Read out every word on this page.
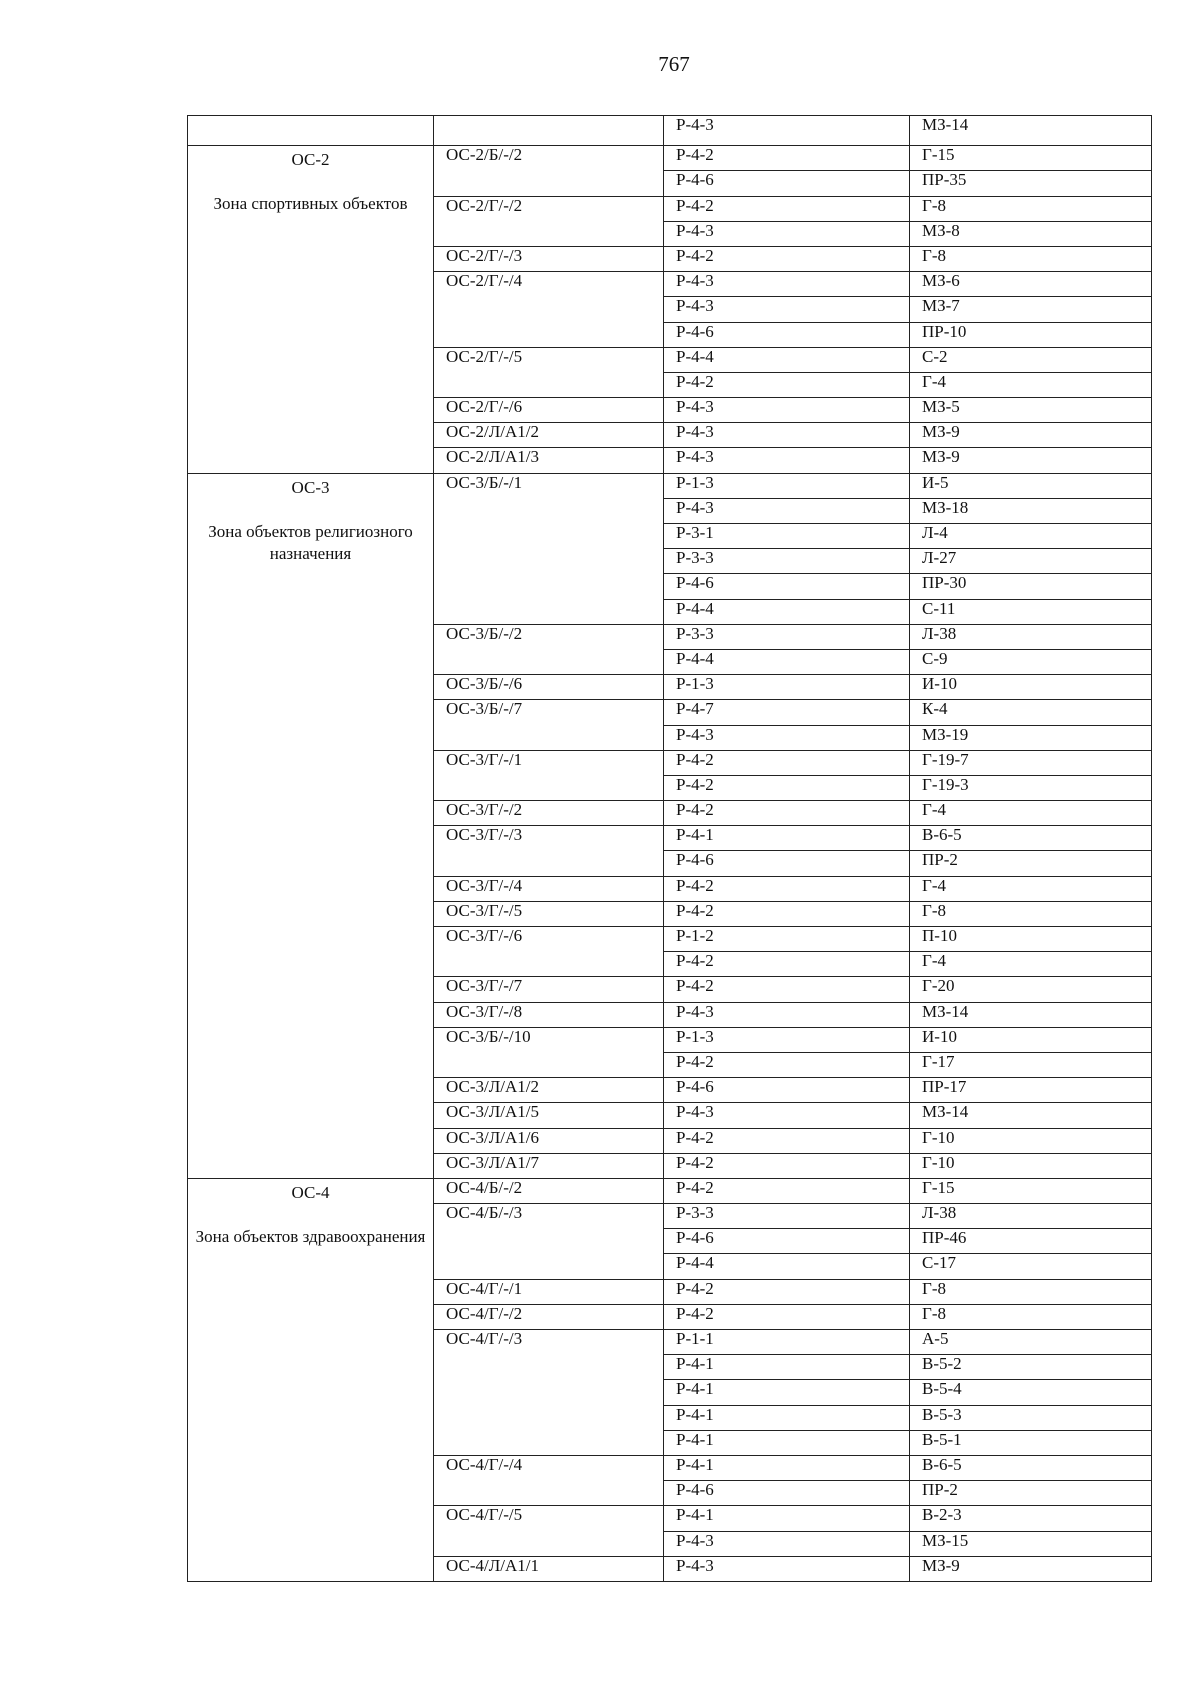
767
		Р-4-3	МЗ-14

ОС-2
Зона спортивных объектов	ОС-2/Б/-/2	Р-4-2	Г-15
		Р-4-6	ПР-35
	ОС-2/Г/-/2	Р-4-2	Г-8
		Р-4-3	МЗ-8
	ОС-2/Г/-/3	Р-4-2	Г-8
	ОС-2/Г/-/4	Р-4-3	МЗ-6
		Р-4-3	МЗ-7
		Р-4-6	ПР-10
	ОС-2/Г/-/5	Р-4-4	С-2
		Р-4-2	Г-4
	ОС-2/Г/-/6	Р-4-3	МЗ-5
	ОС-2/Л/А1/2	Р-4-3	МЗ-9
	ОС-2/Л/А1/3	Р-4-3	МЗ-9

ОС-3
Зона объектов религиозного назначения	ОС-3/Б/-/1	Р-1-3	И-5
		Р-4-3	МЗ-18
		Р-3-1	Л-4
		Р-3-3	Л-27
		Р-4-6	ПР-30
		Р-4-4	С-11
	ОС-3/Б/-/2	Р-3-3	Л-38
		Р-4-4	С-9
	ОС-3/Б/-/6	Р-1-3	И-10
	ОС-3/Б/-/7	Р-4-7	К-4
		Р-4-3	МЗ-19
	ОС-3/Г/-/1	Р-4-2	Г-19-7
		Р-4-2	Г-19-3
	ОС-3/Г/-/2	Р-4-2	Г-4
	ОС-3/Г/-/3	Р-4-1	В-6-5
		Р-4-6	ПР-2
	ОС-3/Г/-/4	Р-4-2	Г-4
	ОС-3/Г/-/5	Р-4-2	Г-8
	ОС-3/Г/-/6	Р-1-2	П-10
		Р-4-2	Г-4
	ОС-3/Г/-/7	Р-4-2	Г-20
	ОС-3/Г/-/8	Р-4-3	МЗ-14
	ОС-3/Б/-/10	Р-1-3	И-10
		Р-4-2	Г-17
	ОС-3/Л/А1/2	Р-4-6	ПР-17
	ОС-3/Л/А1/5	Р-4-3	МЗ-14
	ОС-3/Л/А1/6	Р-4-2	Г-10
	ОС-3/Л/А1/7	Р-4-2	Г-10

ОС-4
Зона объектов здравоохранения	ОС-4/Б/-/2	Р-4-2	Г-15
	ОС-4/Б/-/3	Р-3-3	Л-38
		Р-4-6	ПР-46
		Р-4-4	С-17
	ОС-4/Г/-/1	Р-4-2	Г-8
	ОС-4/Г/-/2	Р-4-2	Г-8
	ОС-4/Г/-/3	Р-1-1	А-5
		Р-4-1	В-5-2
		Р-4-1	В-5-4
		Р-4-1	В-5-3
		Р-4-1	В-5-1
	ОС-4/Г/-/4	Р-4-1	В-6-5
		Р-4-6	ПР-2
	ОС-4/Г/-/5	Р-4-1	В-2-3
		Р-4-3	МЗ-15
	ОС-4/Л/А1/1	Р-4-3	МЗ-9
